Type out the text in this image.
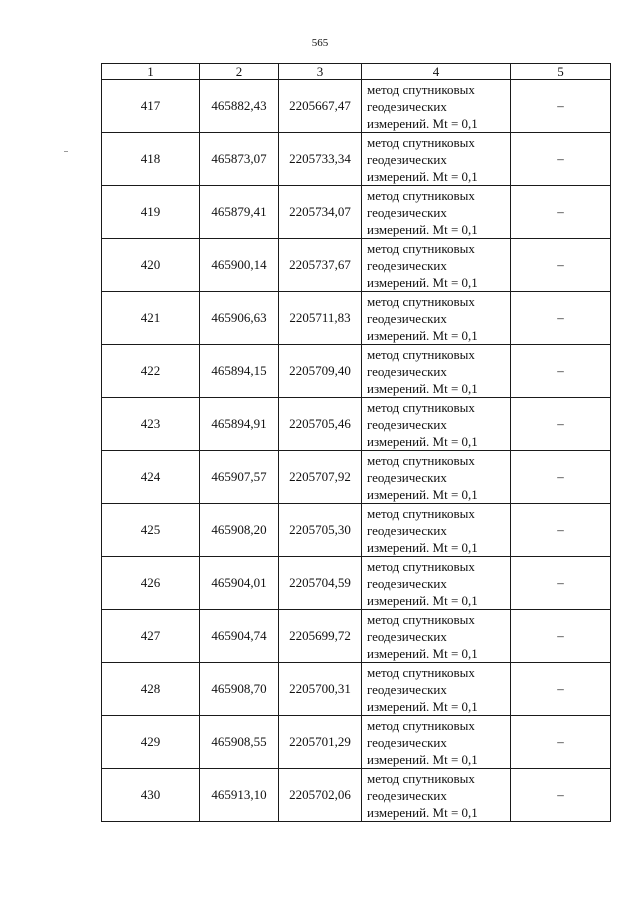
565
1	2	3	4	5
417	465882,43	2205667,47	метод спутниковых геодезических измерений. Mt = 0,1	–
418	465873,07	2205733,34	метод спутниковых геодезических измерений. Mt = 0,1	–
419	465879,41	2205734,07	метод спутниковых геодезических измерений. Mt = 0,1	–
420	465900,14	2205737,67	метод спутниковых геодезических измерений. Mt = 0,1	–
421	465906,63	2205711,83	метод спутниковых геодезических измерений. Mt = 0,1	–
422	465894,15	2205709,40	метод спутниковых геодезических измерений. Mt = 0,1	–
423	465894,91	2205705,46	метод спутниковых геодезических измерений. Mt = 0,1	–
424	465907,57	2205707,92	метод спутниковых геодезических измерений. Mt = 0,1	–
425	465908,20	2205705,30	метод спутниковых геодезических измерений. Mt = 0,1	–
426	465904,01	2205704,59	метод спутниковых геодезических измерений. Mt = 0,1	–
427	465904,74	2205699,72	метод спутниковых геодезических измерений. Mt = 0,1	–
428	465908,70	2205700,31	метод спутниковых геодезических измерений. Mt = 0,1	–
429	465908,55	2205701,29	метод спутниковых геодезических измерений. Mt = 0,1	–
430	465913,10	2205702,06	метод спутниковых геодезических измерений. Mt = 0,1	–
